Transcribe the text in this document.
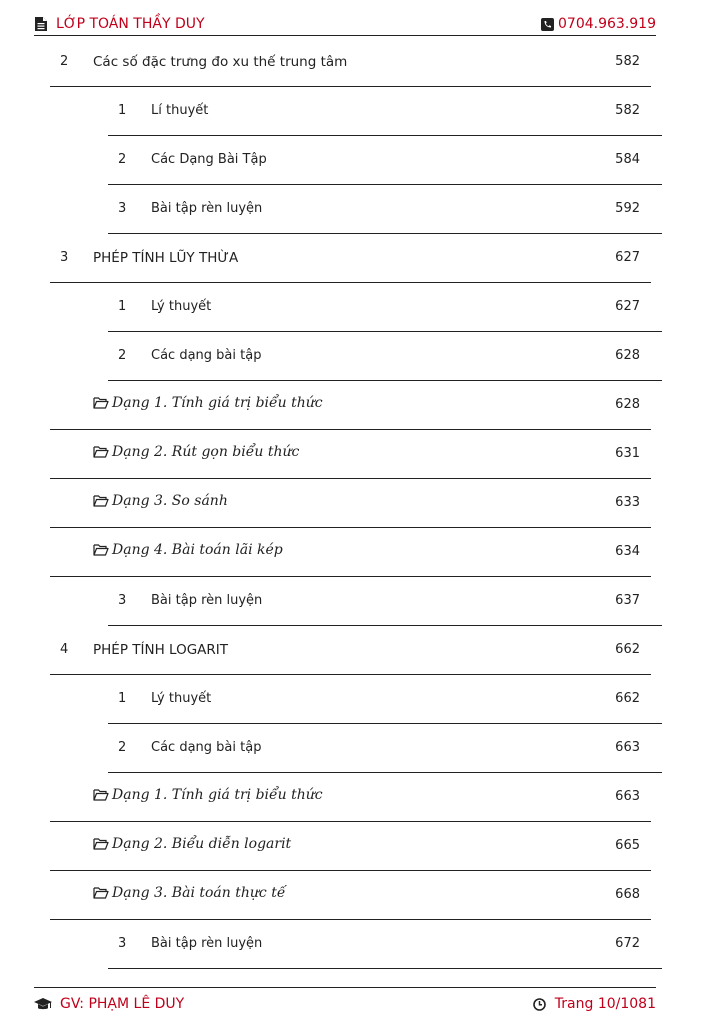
LỚP TOÁN THẦY DUY	0704.963.919
2 Các số đặc trưng đo xu thế trung tâm	582
1 Lí thuyết	582
2 Các Dạng Bài Tập	584
3 Bài tập rèn luyện	592
3 PHÉP TÍNH LŨY THỪA	627
1 Lý thuyết	627
2 Các dạng bài tập	628
Dạng 1. Tính giá trị biểu thức	628
Dạng 2. Rút gọn biểu thức	631
Dạng 3. So sánh	633
Dạng 4. Bài toán lãi kép	634
3 Bài tập rèn luyện	637
4 PHÉP TÍNH LOGARIT	662
1 Lý thuyết	662
2 Các dạng bài tập	663
Dạng 1. Tính giá trị biểu thức	663
Dạng 2. Biểu diễn logarit	665
Dạng 3. Bài toán thực tế	668
3 Bài tập rèn luyện	672
GV: PHẠM LÊ DUY	Trang 10/1081
